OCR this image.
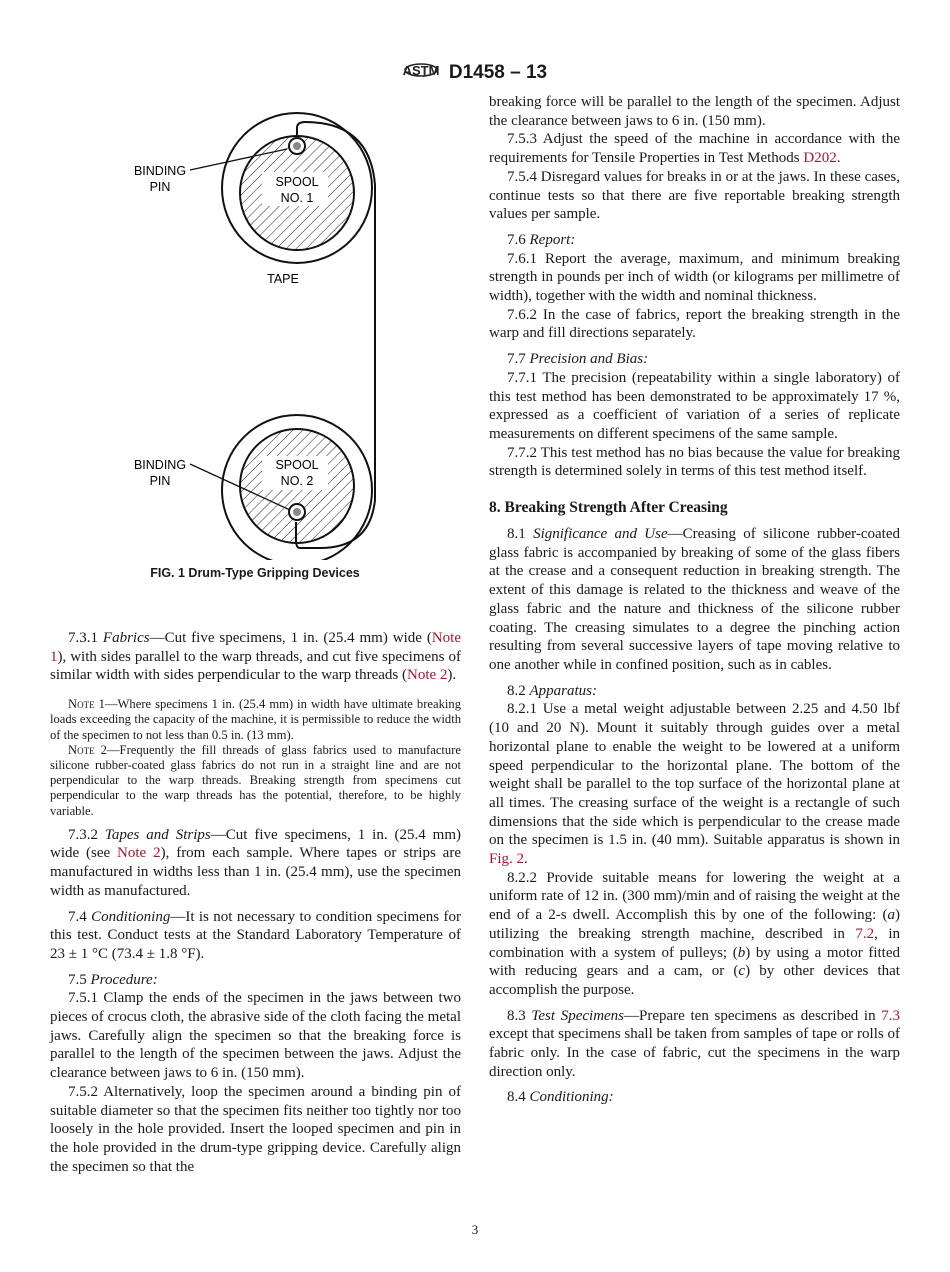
ASTM D1458 – 13
BINDING
PIN	SPOOL
NO. 1
TAPE
BINDING
PIN
SPOOL
NO. 2
FIG. 1 Drum-Type Gripping Devices

7.3.1 Fabrics—Cut five specimens, 1 in. (25.4 mm) wide (Note 1), with sides parallel to the warp threads, and cut five specimens of similar width with sides perpendicular to the warp threads (Note 2).

Note 1—Where specimens 1 in. (25.4 mm) in width have ultimate breaking loads exceeding the capacity of the machine, it is permissible to reduce the width of the specimen to not less than 0.5 in. (13 mm).

Note 2—Frequently the fill threads of glass fabrics used to manufacture silicone rubber-coated glass fabrics do not run in a straight line and are not perpendicular to the warp threads. Breaking strength from specimens cut perpendicular to the warp threads has the potential, therefore, to be highly variable.

7.3.2 Tapes and Strips—Cut five specimens, 1 in. (25.4 mm) wide (see Note 2), from each sample. Where tapes or strips are manufactured in widths less than 1 in. (25.4 mm), use the specimen width as manufactured.

7.4 Conditioning—It is not necessary to condition specimens for this test. Conduct tests at the Standard Laboratory Temperature of 23 ± 1 °C (73.4 ± 1.8 °F).

7.5 Procedure:

7.5.1 Clamp the ends of the specimen in the jaws between two pieces of crocus cloth, the abrasive side of the cloth facing the metal jaws. Carefully align the specimen so that the breaking force is parallel to the length of the specimen between the jaws. Adjust the clearance between jaws to 6 in. (150 mm).

7.5.2 Alternatively, loop the specimen around a binding pin of suitable diameter so that the specimen fits neither too tightly nor too loosely in the hole provided. Insert the looped specimen and pin in the hole provided in the drum-type gripping device. Carefully align the specimen so that the

breaking force will be parallel to the length of the specimen. Adjust the clearance between jaws to 6 in. (150 mm).

7.5.3 Adjust the speed of the machine in accordance with the requirements for Tensile Properties in Test Methods D202.

7.5.4 Disregard values for breaks in or at the jaws. In these cases, continue tests so that there are five reportable breaking strength values per sample.

7.6 Report:

7.6.1 Report the average, maximum, and minimum breaking strength in pounds per inch of width (or kilograms per millimetre of width), together with the width and nominal thickness.

7.6.2 In the case of fabrics, report the breaking strength in the warp and fill directions separately.

7.7 Precision and Bias:

7.7.1 The precision (repeatability within a single laboratory) of this test method has been demonstrated to be approximately 17 %, expressed as a coefficient of variation of a series of replicate measurements on different specimens of the same sample.

7.7.2 This test method has no bias because the value for breaking strength is determined solely in terms of this test method itself.

8. Breaking Strength After Creasing

8.1 Significance and Use—Creasing of silicone rubber-coated glass fabric is accompanied by breaking of some of the glass fibers at the crease and a consequent reduction in breaking strength. The extent of this damage is related to the thickness and weave of the glass fabric and the nature and thickness of the silicone rubber coating. The creasing simulates to a degree the pinching action resulting from several successive layers of tape moving relative to one another while in confined position, such as in cables.

8.2 Apparatus:

8.2.1 Use a metal weight adjustable between 2.25 and 4.50 lbf (10 and 20 N). Mount it suitably through guides over a metal horizontal plane to enable the weight to be lowered at a uniform speed perpendicular to the horizontal plane. The bottom of the weight shall be parallel to the top surface of the horizontal plane at all times. The creasing surface of the weight is a rectangle of such dimensions that the side which is perpendicular to the crease made on the specimen is 1.5 in. (40 mm). Suitable apparatus is shown in Fig. 2.

8.2.2 Provide suitable means for lowering the weight at a uniform rate of 12 in. (300 mm)/min and of raising the weight at the end of a 2-s dwell. Accomplish this by one of the following: (a) utilizing the breaking strength machine, described in 7.2, in combination with a system of pulleys; (b) by using a motor fitted with reducing gears and a cam, or (c) by other devices that accomplish the purpose.

8.3 Test Specimens—Prepare ten specimens as described in 7.3 except that specimens shall be taken from samples of tape or rolls of fabric only. In the case of fabric, cut the specimens in the warp direction only.

8.4 Conditioning:

3
